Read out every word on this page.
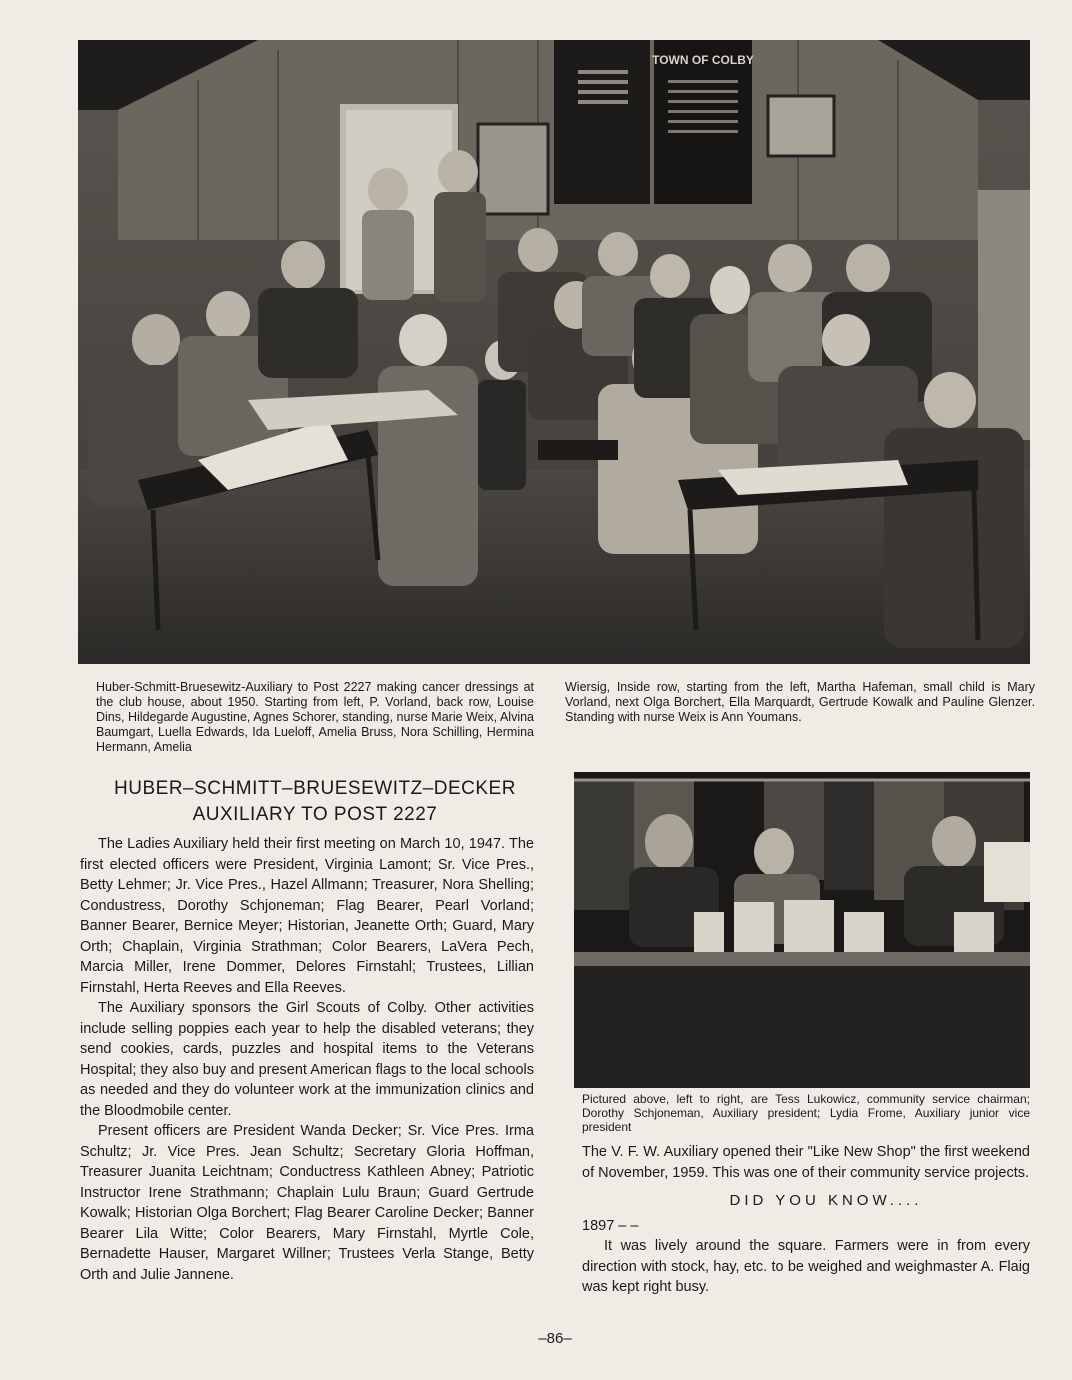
TOWN OF COLBY

Huber-Schmitt-Bruesewitz-Auxiliary to Post 2227 making cancer dressings at the club house, about 1950. Starting from left, P. Vorland, back row, Louise Dins, Hildegarde Augustine, Agnes Schorer, standing, nurse Marie Weix, Alvina Baumgart, Luella Edwards, Ida Lueloff, Amelia Bruss, Nora Schilling, Hermina Hermann, Amelia

Wiersig, Inside row, starting from the left, Martha Hafeman, small child is Mary Vorland, next Olga Borchert, Ella Marquardt, Gertrude Kowalk and Pauline Glenzer. Standing with nurse Weix is Ann Youmans.

HUBER–SCHMITT–BRUESEWITZ–DECKER
AUXILIARY TO POST 2227

The Ladies Auxiliary held their first meeting on March 10, 1947. The first elected officers were President, Virginia Lamont; Sr. Vice Pres., Betty Lehmer; Jr. Vice Pres., Hazel Allmann; Treasurer, Nora Shelling; Condustress, Dorothy Schjoneman; Flag Bearer, Pearl Vorland; Banner Bearer, Bernice Meyer; Historian, Jeanette Orth; Guard, Mary Orth; Chaplain, Virginia Strathman; Color Bearers, LaVera Pech, Marcia Miller, Irene Dommer, Delores Firnstahl; Trustees, Lillian Firnstahl, Herta Reeves and Ella Reeves.

The Auxiliary sponsors the Girl Scouts of Colby. Other activities include selling poppies each year to help the disabled veterans; they send cookies, cards, puzzles and hospital items to the Veterans Hospital; they also buy and present American flags to the local schools as needed and they do volunteer work at the immunization clinics and the Bloodmobile center.

Present officers are President Wanda Decker; Sr. Vice Pres. Irma Schultz; Jr. Vice Pres. Jean Schultz; Secretary Gloria Hoffman, Treasurer Juanita Leichtnam; Conductress Kathleen Abney; Patriotic Instructor Irene Strathmann; Chaplain Lulu Braun; Guard Gertrude Kowalk; Historian Olga Borchert; Flag Bearer Caroline Decker; Banner Bearer Lila Witte; Color Bearers, Mary Firnstahl, Myrtle Cole, Bernadette Hauser, Margaret Willner; Trustees Verla Stange, Betty Orth and Julie Jannene.

Pictured above, left to right, are Tess Lukowicz, community service chairman; Dorothy Schjoneman, Auxiliary president; Lydia Frome, Auxiliary junior vice president

The V. F. W. Auxiliary opened their "Like New Shop" the first weekend of November, 1959. This was one of their community service projects.

DID YOU KNOW....

1897 – –

It was lively around the square. Farmers were in from every direction with stock, hay, etc. to be weighed and weighmaster A. Flaig was kept right busy.

–86–
